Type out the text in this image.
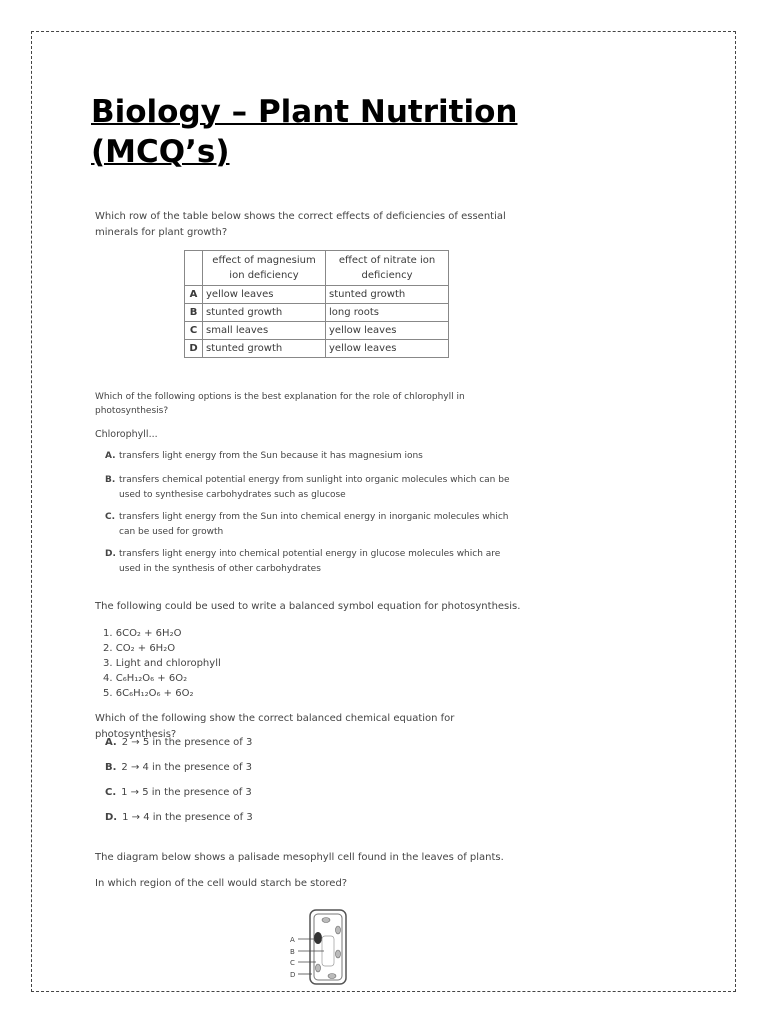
Biology – Plant Nutrition (MCQ’s)

Which row of the table below shows the correct effects of deficiencies of essential minerals for plant growth?

	effect of magnesium ion deficiency	effect of nitrate ion deficiency
A	yellow leaves	stunted growth
B	stunted growth	long roots
C	small leaves	yellow leaves
D	stunted growth	yellow leaves

Which of the following options is the best explanation for the role of chlorophyll in photosynthesis?

Chlorophyll...

A. transfers light energy from the Sun because it has magnesium ions
B. transfers chemical potential energy from sunlight into organic molecules which can be used to synthesise carbohydrates such as glucose
C. transfers light energy from the Sun into chemical energy in inorganic molecules which can be used for growth
D. transfers light energy into chemical potential energy in glucose molecules which are used in the synthesis of other carbohydrates

The following could be used to write a balanced symbol equation for photosynthesis.

1. 6CO₂ + 6H₂O
2. CO₂ + 6H₂O
3. Light and chlorophyll
4. C₆H₁₂O₆ + 6O₂
5. 6C₆H₁₂O₆ + 6O₂

Which of the following show the correct balanced chemical equation for photosynthesis?

A. 2 → 5 in the presence of 3
B. 2 → 4 in the presence of 3
C. 1 → 5 in the presence of 3
D. 1 → 4 in the presence of 3

The diagram below shows a palisade mesophyll cell found in the leaves of plants.

In which region of the cell would starch be stored?

A
B
C
D
